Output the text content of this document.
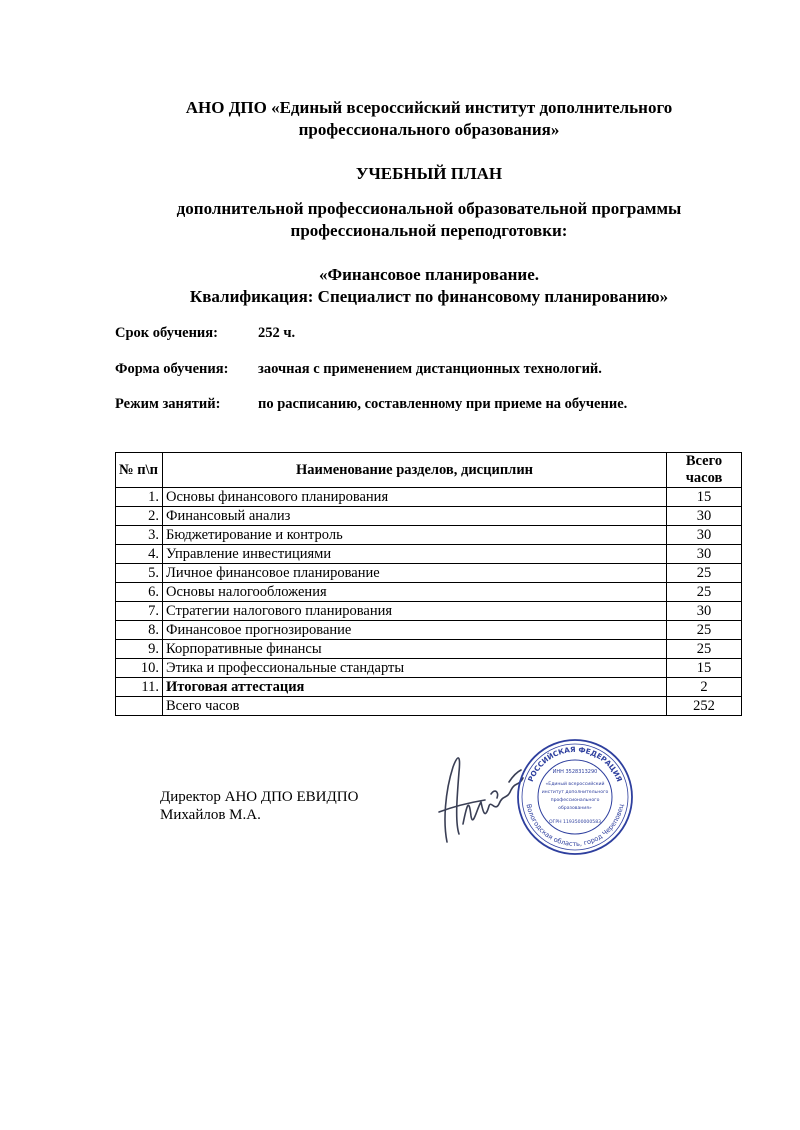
АНО ДПО «Единый всероссийский институт дополнительного
профессионального образования»
УЧЕБНЫЙ ПЛАН
дополнительной профессиональной образовательной программы
профессиональной переподготовки:
«Финансовое планирование.
Квалификация: Специалист по финансовому планированию»
Срок обучения:	252 ч.
Форма обучения: заочная с применением дистанционных технологий.
Режим занятий:	по расписанию, составленному при приеме на обучение.
№ п\п	Наименование разделов, дисциплин	Всего
часов
1.	Основы финансового планирования	15
2.	Финансовый анализ	30
3.	Бюджетирование и контроль	30
4.	Управление инвестициями	30
5.	Личное финансовое планирование	25
6.	Основы налогообложения	25
7.	Стратегии налогового планирования	30
8.	Финансовое прогнозирование	25
9.	Корпоративные финансы	25
10.	Этика и профессиональные стандарты	15
11.	Итоговая аттестация	2
	Всего часов	252
Директор АНО ДПО ЕВИДПО
Михайлов М.А.
РОССИЙСКАЯ ФЕДЕРАЦИЯ
Вологодская область, город Череповец
ИНН 3528313290
«Единый всероссийский
институт дополнительного
профессионального
образования»
ОГРН 1193500000583
